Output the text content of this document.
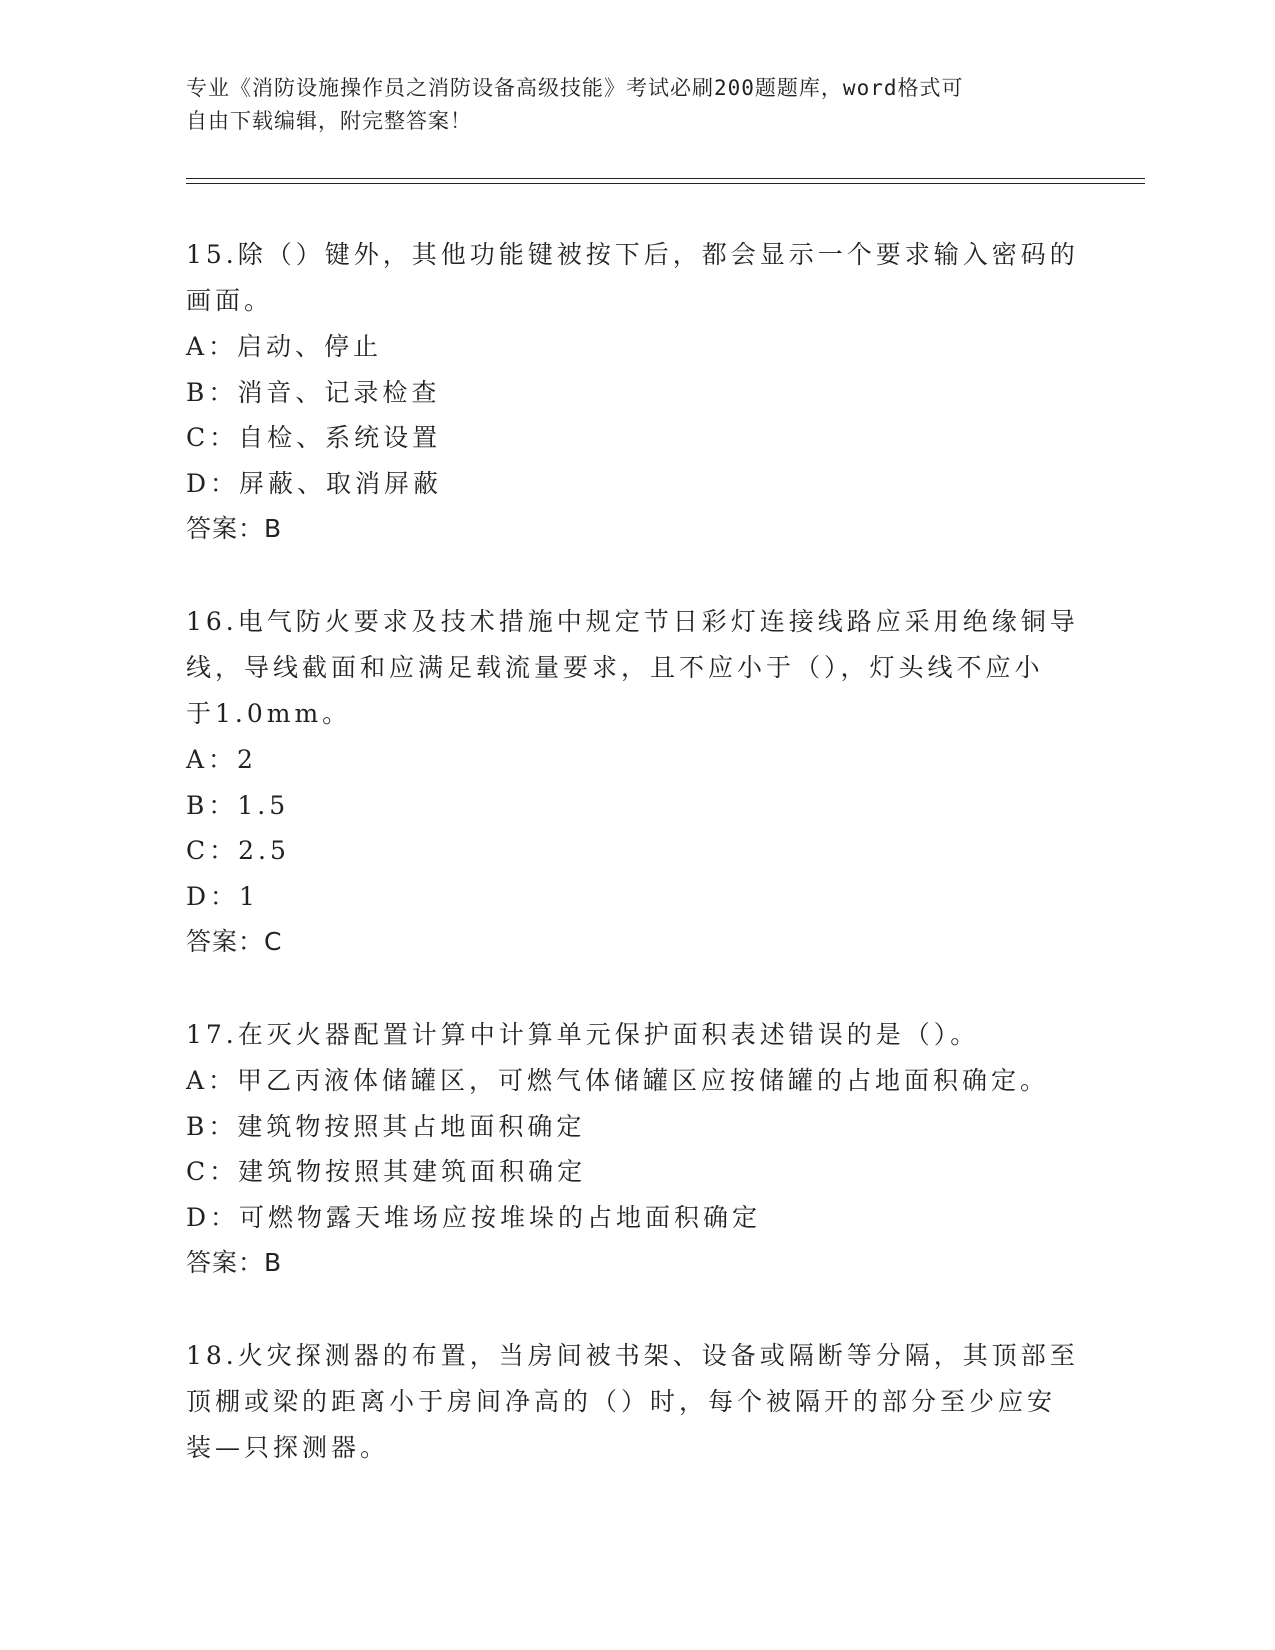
专业《消防设施操作员之消防设备高级技能》考试必刷200题题库，word格式可
自由下载编辑，附完整答案！

15.除（）键外，其他功能键被按下后，都会显示一个要求输入密码的

画面。

A：启动、停止

B：消音、记录检查

C：自检、系统设置

D：屏蔽、取消屏蔽

答案：B

16.电气防火要求及技术措施中规定节日彩灯连接线路应采用绝缘铜导

线，导线截面和应满足载流量要求，且不应小于（），灯头线不应小

于1.0mm。

A：2

B：1.5

C：2.5

D：1

答案：C

17.在灭火器配置计算中计算单元保护面积表述错误的是（）。

A：甲乙丙液体储罐区，可燃气体储罐区应按储罐的占地面积确定。

B：建筑物按照其占地面积确定

C：建筑物按照其建筑面积确定

D：可燃物露天堆场应按堆垛的占地面积确定

答案：B

18.火灾探测器的布置，当房间被书架、设备或隔断等分隔，其顶部至

顶棚或梁的距离小于房间净高的（）时，每个被隔开的部分至少应安

装—只探测器。
